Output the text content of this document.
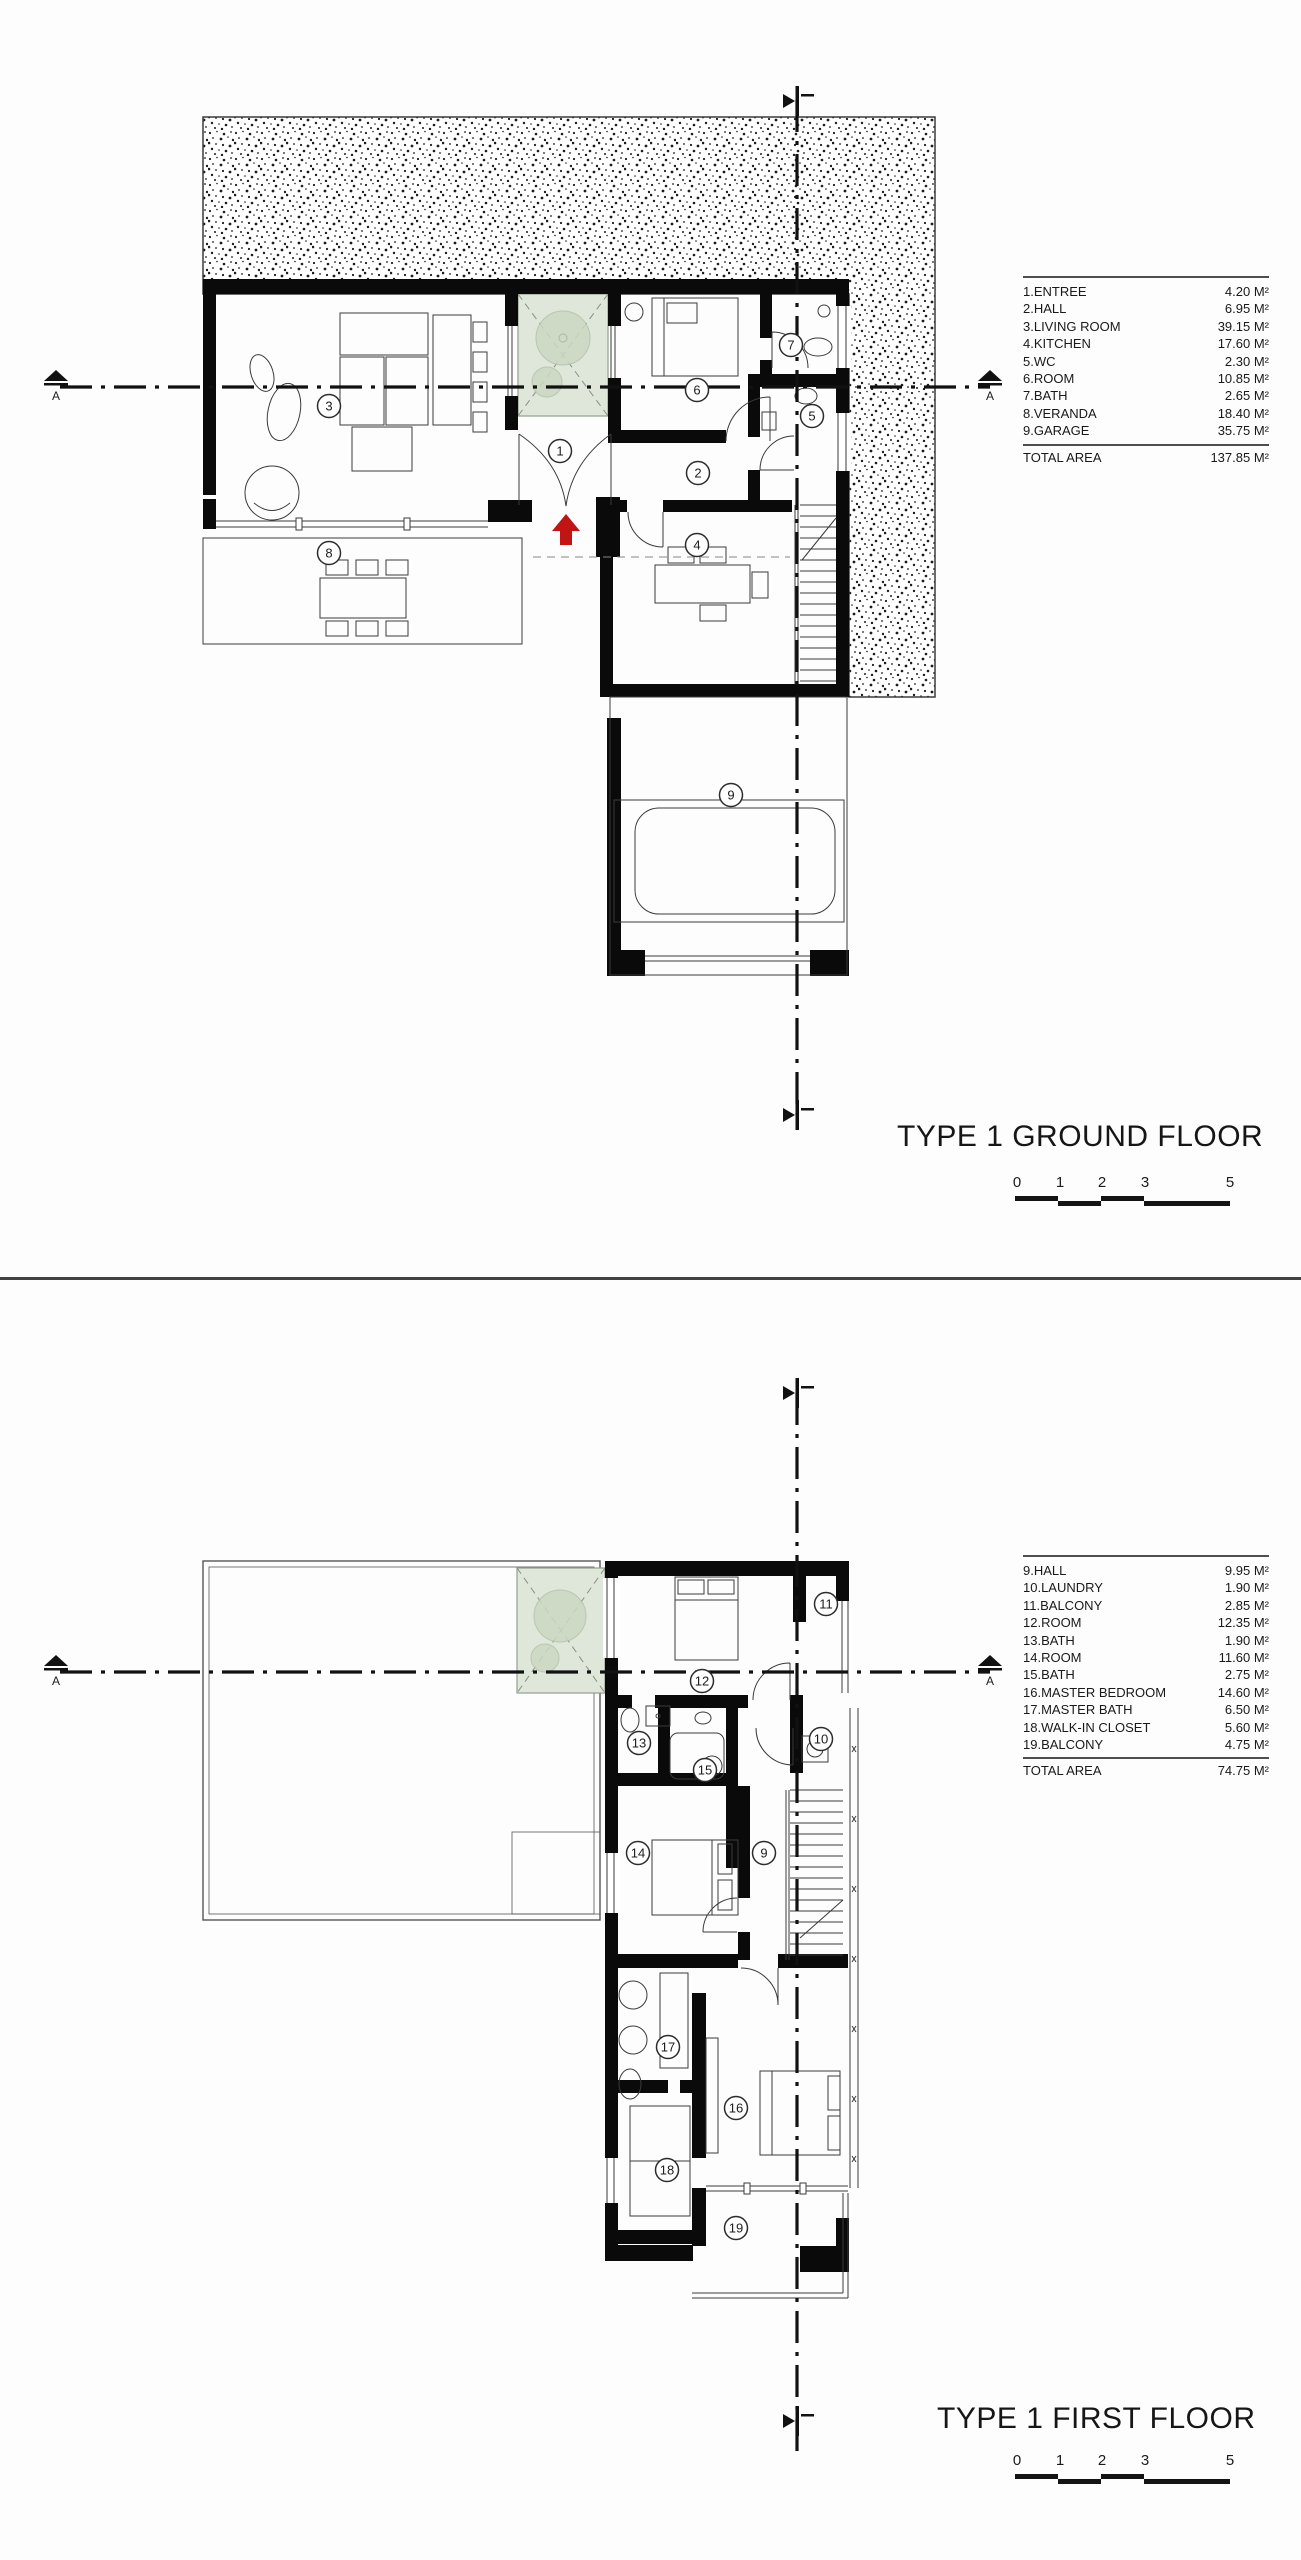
A	A
1
2
3
4
5
6
7
8
9
1.ENTREE	4.20 M²
2.HALL	6.95 M²
3.LIVING ROOM	39.15 M²
4.KITCHEN	17.60 M²
5.WC	2.30 M²
6.ROOM	10.85 M²
7.BATH	2.65 M²
8.VERANDA	18.40 M²
9.GARAGE	35.75 M²
TOTAL AREA	137.85 M²
TYPE 1 GROUND FLOOR
0 1 2 3	5
A	A
9
10
11
12
13
14
15
16
17
18
19
9.HALL	9.95 M²
10.LAUNDRY	1.90 M²
11.BALCONY	2.85 M²
12.ROOM	12.35 M²
13.BATH	1.90 M²
14.ROOM	11.60 M²
15.BATH	2.75 M²
16.MASTER BEDROOM	14.60 M²
17.MASTER BATH	6.50 M²
18.WALK-IN CLOSET	5.60 M²
19.BALCONY	4.75 M²
TOTAL AREA	74.75 M²
TYPE 1 FIRST FLOOR
0 1 2 3	5
